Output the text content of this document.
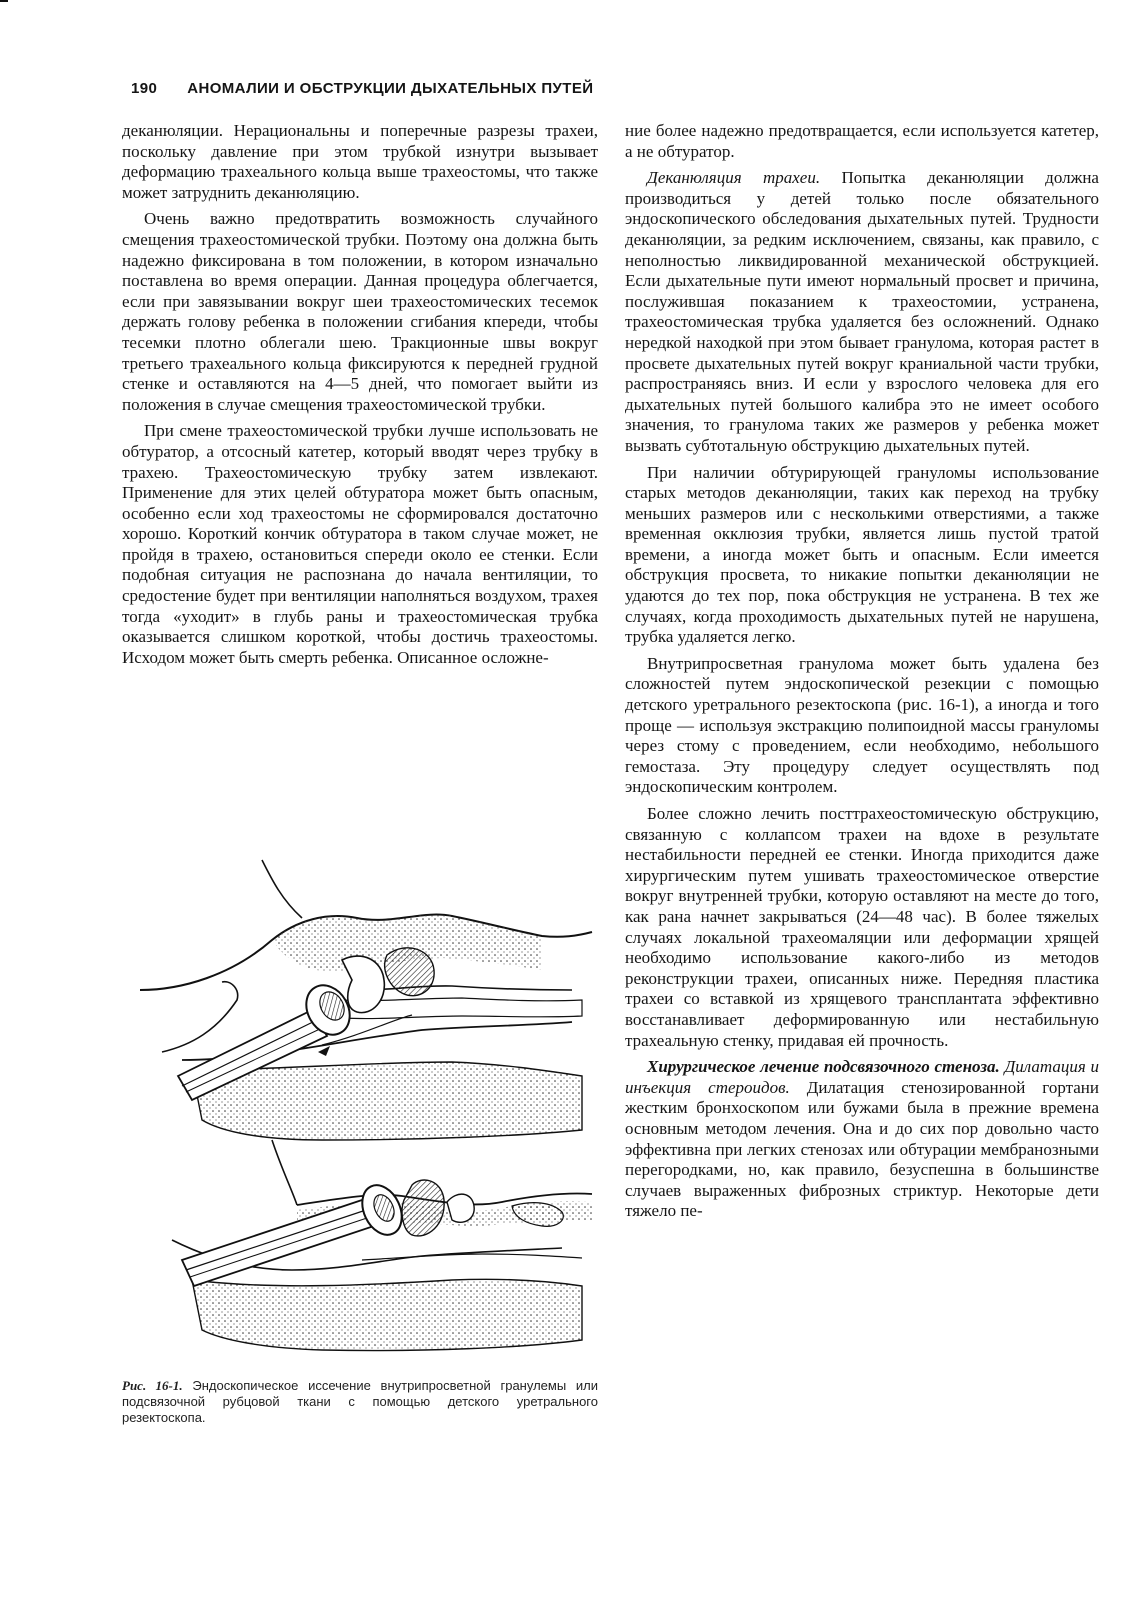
190 АНОМАЛИИ И ОБСТРУКЦИИ ДЫХАТЕЛЬНЫХ ПУТЕЙ

деканюляции. Нерациональны и поперечные разрезы трахеи, поскольку давление при этом трубкой изнутри вызывает деформацию трахеального кольца выше трахеостомы, что также может затруднить деканюляцию.

Очень важно предотвратить возможность случайного смещения трахеостомической трубки. Поэтому она должна быть надежно фиксирована в том положении, в котором изначально поставлена во время операции. Данная процедура облегчается, если при завязывании вокруг шеи трахеостомических тесемок держать голову ребенка в положении сгибания кпереди, чтобы тесемки плотно облегали шею. Тракционные швы вокруг третьего трахеального кольца фиксируются к передней грудной стенке и оставляются на 4—5 дней, что помогает выйти из положения в случае смещения трахеостомической трубки.

При смене трахеостомической трубки лучше использовать не обтуратор, а отсосный катетер, который вводят через трубку в трахею. Трахеостомическую трубку затем извлекают. Применение для этих целей обтуратора может быть опасным, особенно если ход трахеостомы не сформировался достаточно хорошо. Короткий кончик обтуратора в таком случае может, не пройдя в трахею, остановиться спереди около ее стенки. Если подобная ситуация не распознана до начала вентиляции, то средостение будет при вентиляции наполняться воздухом, трахея тогда «уходит» в глубь раны и трахеостомическая трубка оказывается слишком короткой, чтобы достичь трахеостомы. Исходом может быть смерть ребенка. Описанное осложне-

Рис. 16-1. Эндоскопическое иссечение внутрипросветной гранулемы или подсвязочной рубцовой ткани с помощью детского уретрального резектоскопа.

ние более надежно предотвращается, если используется катетер, а не обтуратор.

Деканюляция трахеи. Попытка деканюляции должна производиться у детей только после обязательного эндоскопического обследования дыхательных путей. Трудности деканюляции, за редким исключением, связаны, как правило, с неполностью ликвидированной механической обструкцией. Если дыхательные пути имеют нормальный просвет и причина, послужившая показанием к трахеостомии, устранена, трахеостомическая трубка удаляется без осложнений. Однако нередкой находкой при этом бывает гранулома, которая растет в просвете дыхательных путей вокруг краниальной части трубки, распространяясь вниз. И если у взрослого человека для его дыхательных путей большого калибра это не имеет особого значения, то гранулома таких же размеров у ребенка может вызвать субтотальную обструкцию дыхательных путей.

При наличии обтурирующей грануломы использование старых методов деканюляции, таких как переход на трубку меньших размеров или с несколькими отверстиями, а также временная окклюзия трубки, является лишь пустой тратой времени, а иногда может быть и опасным. Если имеется обструкция просвета, то никакие попытки деканюляции не удаются до тех пор, пока обструкция не устранена. В тех же случаях, когда проходимость дыхательных путей не нарушена, трубка удаляется легко.

Внутрипросветная гранулома может быть удалена без сложностей путем эндоскопической резекции с помощью детского уретрального резектоскопа (рис. 16-1), а иногда и того проще — используя экстракцию полипоидной массы грануломы через стому с проведением, если необходимо, небольшого гемостаза. Эту процедуру следует осуществлять под эндоскопическим контролем.

Более сложно лечить посттрахеостомическую обструкцию, связанную с коллапсом трахеи на вдохе в результате нестабильности передней ее стенки. Иногда приходится даже хирургическим путем ушивать трахеостомическое отверстие вокруг внутренней трубки, которую оставляют на месте до того, как рана начнет закрываться (24—48 час). В более тяжелых случаях локальной трахеомаляции или деформации хрящей необходимо использование какого-либо из методов реконструкции трахеи, описанных ниже. Передняя пластика трахеи со вставкой из хрящевого трансплантата эффективно восстанавливает деформированную или нестабильную трахеальную стенку, придавая ей прочность.

Хирургическое лечение подсвязочного стеноза. Дилатация и инъекция стероидов. Дилатация стенозированной гортани жестким бронхоскопом или бужами была в прежние времена основным методом лечения. Она и до сих пор довольно часто эффективна при легких стенозах или обтурации мембранозными перегородками, но, как правило, безуспешна в большинстве случаев выраженных фиброзных стриктур. Некоторые дети тяжело пе-
